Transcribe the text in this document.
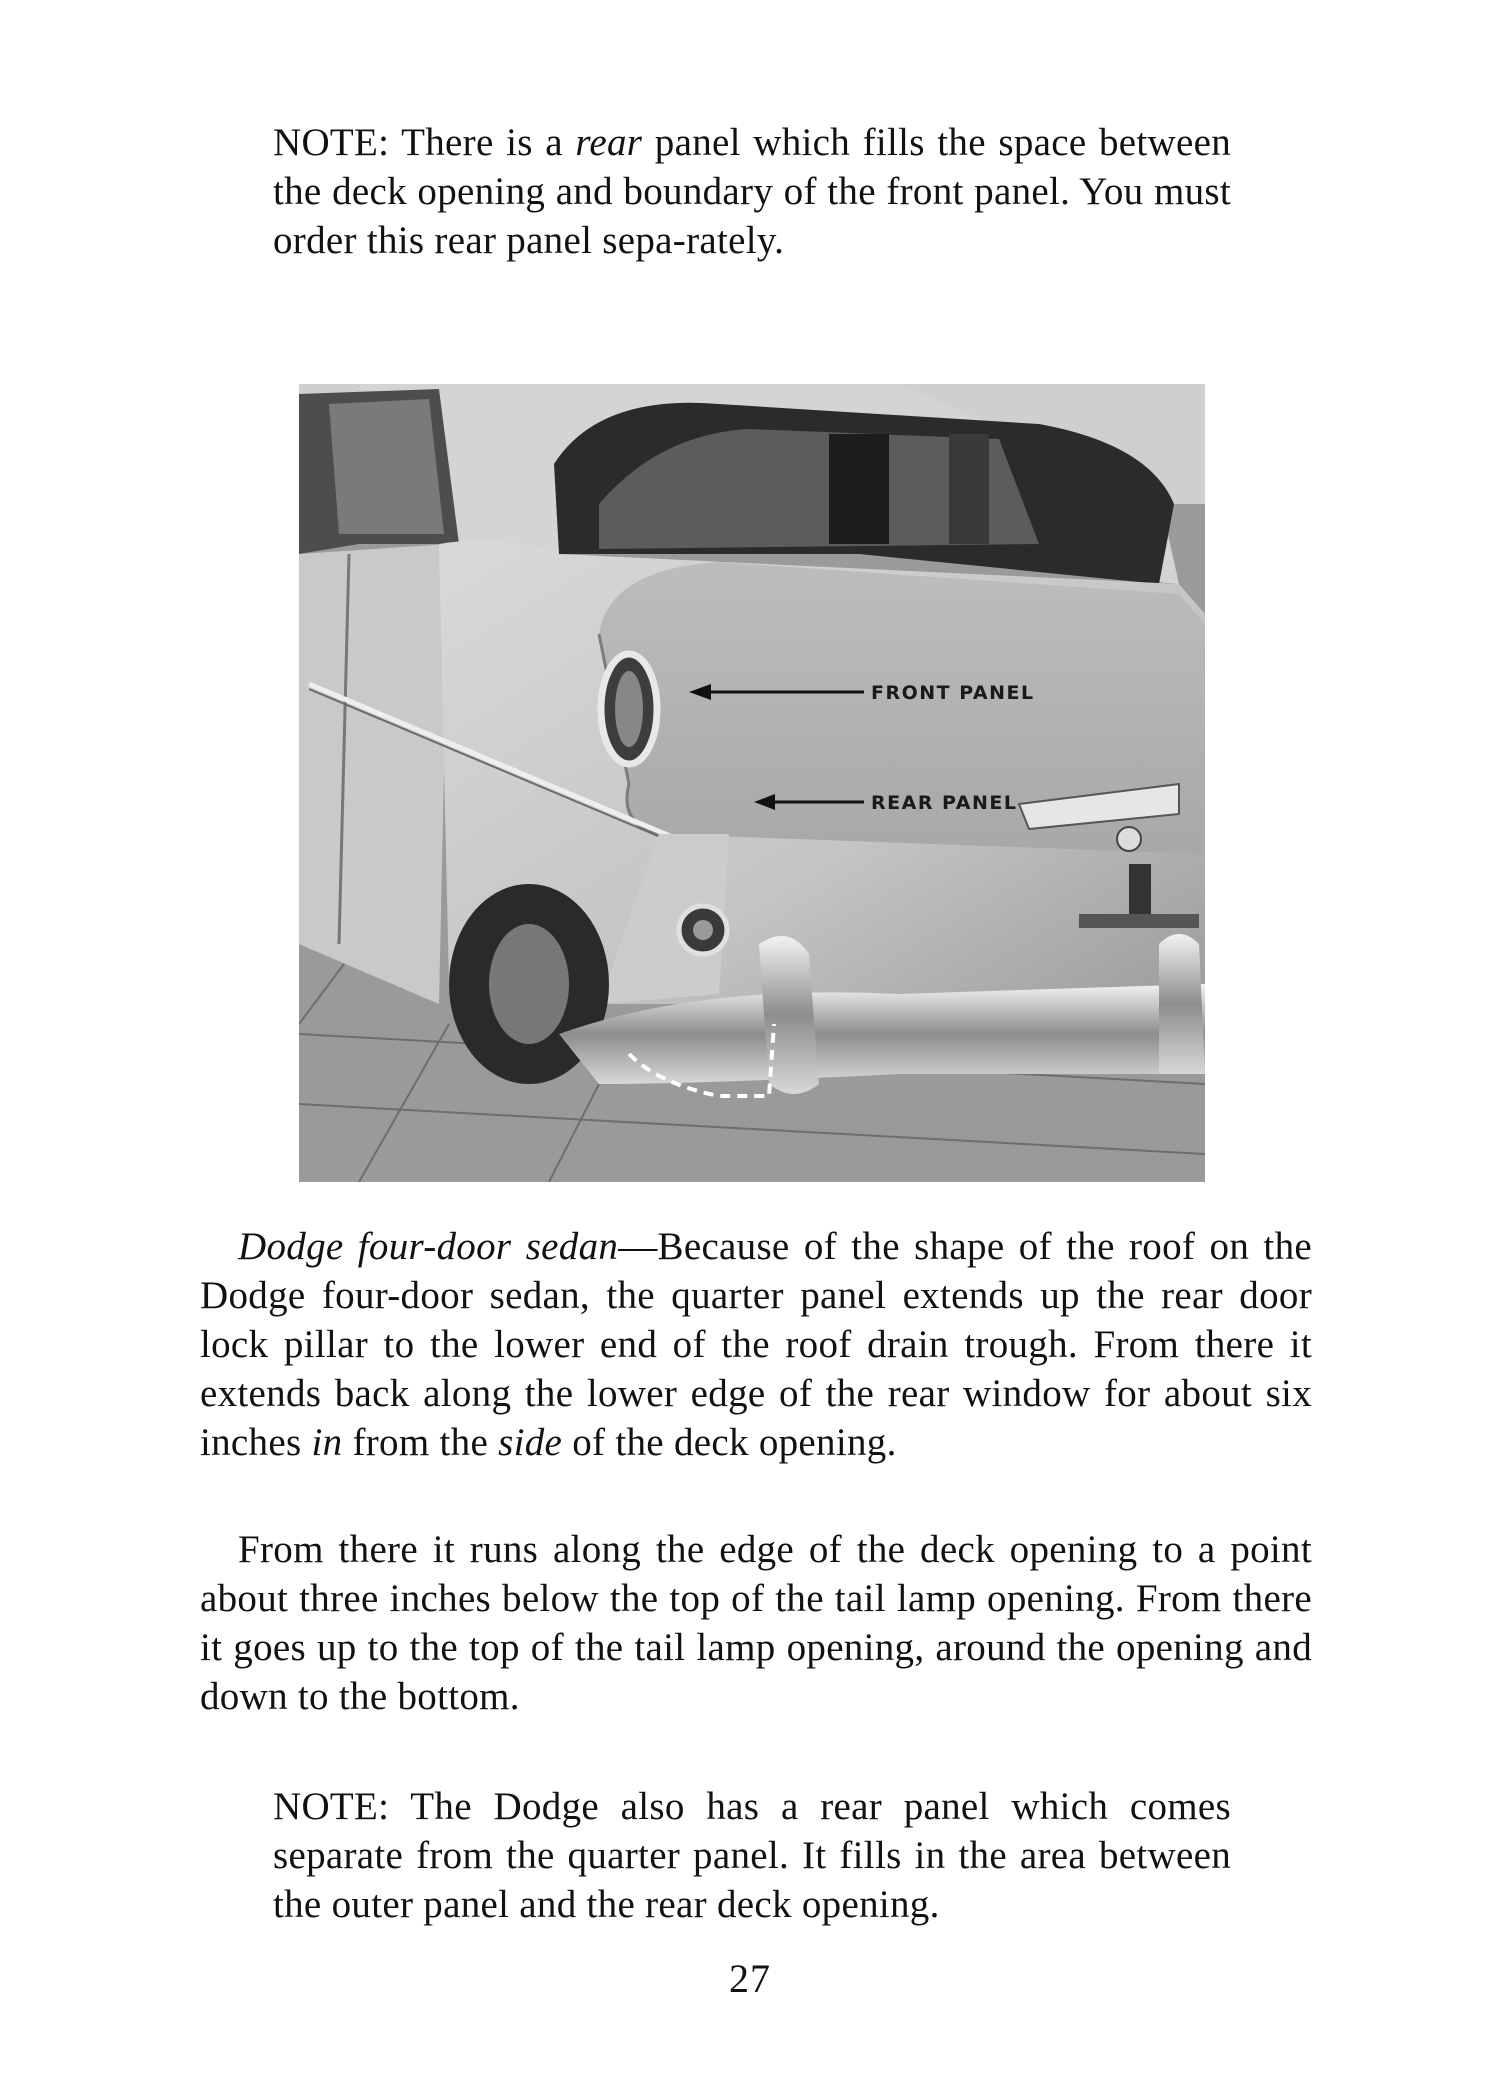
NOTE: There is a rear panel which fills the space between the deck opening and boundary of the front panel. You must order this rear panel sepa-rately.
FRONT PANEL
REAR PANEL
Dodge four-door sedan—Because of the shape of the roof on the Dodge four-door sedan, the quarter panel extends up the rear door lock pillar to the lower end of the roof drain trough. From there it extends back along the lower edge of the rear window for about six inches in from the side of the deck opening.
From there it runs along the edge of the deck opening to a point about three inches below the top of the tail lamp opening. From there it goes up to the top of the tail lamp opening, around the opening and down to the bottom.
NOTE: The Dodge also has a rear panel which comes separate from the quarter panel. It fills in the area between the outer panel and the rear deck opening.
27
